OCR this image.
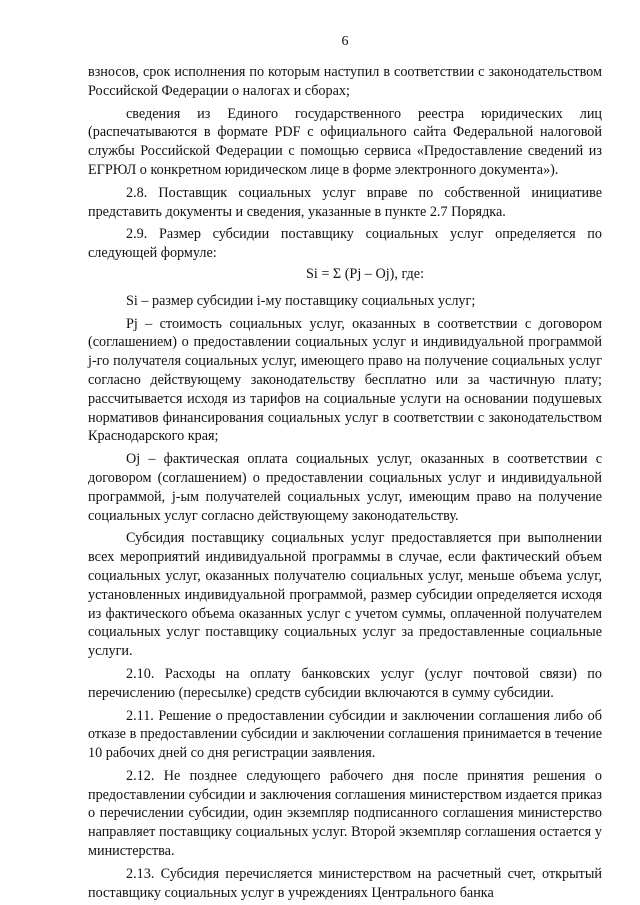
6

взносов, срок исполнения по которым наступил в соответствии с законодательством Российской Федерации о налогах и сборах;

сведения из Единого государственного реестра юридических лиц (распечатываются в формате PDF с официального сайта Федеральной налоговой службы Российской Федерации с помощью сервиса «Предоставление сведений из ЕГРЮЛ о конкретном юридическом лице в форме электронного документа»).

2.8. Поставщик социальных услуг вправе по собственной инициативе представить документы и сведения, указанные в пункте 2.7 Порядка.

2.9. Размер субсидии поставщику социальных услуг определяется по следующей формуле:

Si = Σ (Pj – Oj), где:

Si – размер субсидии i-му поставщику социальных услуг;

Pj – стоимость социальных услуг, оказанных в соответствии с договором (соглашением) о предоставлении социальных услуг и индивидуальной программой j-го получателя социальных услуг, имеющего право на получение социальных услуг согласно действующему законодательству бесплатно или за частичную плату; рассчитывается исходя из тарифов на социальные услуги на основании подушевых нормативов финансирования социальных услуг в соответствии с законодательством Краснодарского края;

Oj – фактическая оплата социальных услуг, оказанных в соответствии с договором (соглашением) о предоставлении социальных услуг и индивидуальной программой, j-ым получателей социальных услуг, имеющим право на получение социальных услуг согласно действующему законодательству.

Субсидия поставщику социальных услуг предоставляется при выполнении всех мероприятий индивидуальной программы в случае, если фактический объем социальных услуг, оказанных получателю социальных услуг, меньше объема услуг, установленных индивидуальной программой, размер субсидии определяется исходя из фактического объема оказанных услуг с учетом суммы, оплаченной получателем социальных услуг поставщику социальных услуг за предоставленные социальные услуги.

2.10. Расходы на оплату банковских услуг (услуг почтовой связи) по перечислению (пересылке) средств субсидии включаются в сумму субсидии.

2.11. Решение о предоставлении субсидии и заключении соглашения либо об отказе в предоставлении субсидии и заключении соглашения принимается в течение 10 рабочих дней со дня регистрации заявления.

2.12. Не позднее следующего рабочего дня после принятия решения о предоставлении субсидии и заключения соглашения министерством издается приказ о перечислении субсидии, один экземпляр подписанного соглашения министерство направляет поставщику социальных услуг. Второй экземпляр соглашения остается у министерства.

2.13. Субсидия перечисляется министерством на расчетный счет, открытый поставщику социальных услуг в учреждениях Центрального банка
